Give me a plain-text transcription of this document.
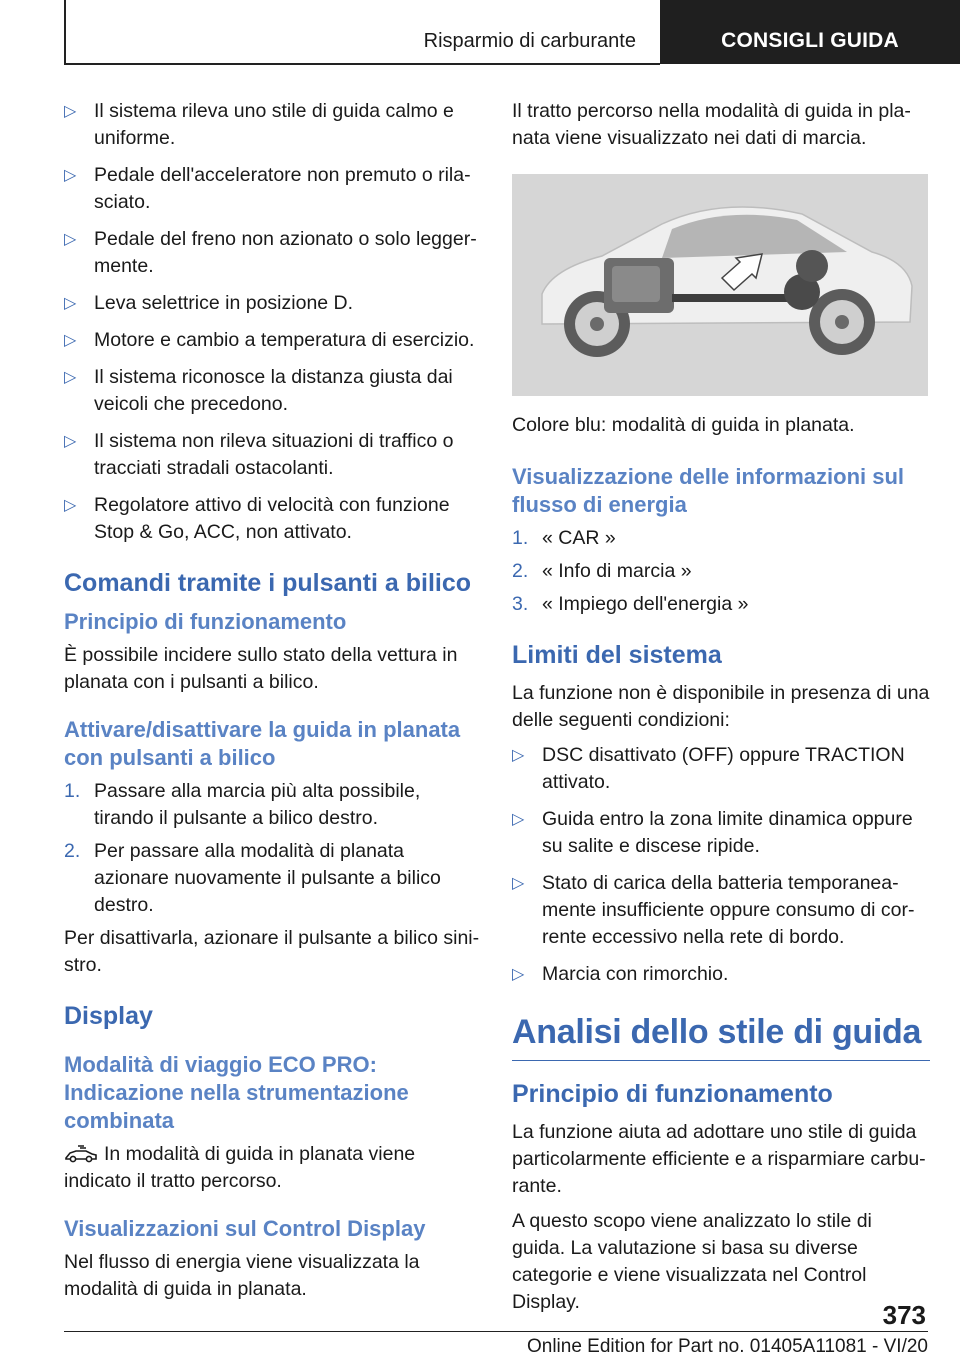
Risparmio di carburante	CONSIGLI GUIDA
▷ Il sistema rileva uno stile di guida calmo e uniforme.
▷ Pedale dell'acceleratore non premuto o rilasciato.
▷ Pedale del freno non azionato o solo leggermente.
▷ Leva selettrice in posizione D.
▷ Motore e cambio a temperatura di esercizio.
▷ Il sistema riconosce la distanza giusta dai veicoli che precedono.
▷ Il sistema non rileva situazioni di traffico o tracciati stradali ostacolanti.
▷ Regolatore attivo di velocità con funzione Stop & Go, ACC, non attivato.
Comandi tramite i pulsanti a bilico
Principio di funzionamento
È possibile incidere sullo stato della vettura in planata con i pulsanti a bilico.
Attivare/disattivare la guida in planata con pulsanti a bilico
1. Passare alla marcia più alta possibile, tirando il pulsante a bilico destro.
2. Per passare alla modalità di planata azionare nuovamente il pulsante a bilico destro.
Per disattivarla, azionare il pulsante a bilico sinistro.
Display
Modalità di viaggio ECO PRO: Indicazione nella strumentazione combinata
In modalità di guida in planata viene indicato il tratto percorso.
Visualizzazioni sul Control Display
Nel flusso di energia viene visualizzata la modalità di guida in planata.
Il tratto percorso nella modalità di guida in planata viene visualizzato nei dati di marcia.
Colore blu: modalità di guida in planata.
Visualizzazione delle informazioni sul flusso di energia
1. « CAR »
2. « Info di marcia »
3. « Impiego dell'energia »
Limiti del sistema
La funzione non è disponibile in presenza di una delle seguenti condizioni:
▷ DSC disattivato (OFF) oppure TRACTION attivato.
▷ Guida entro la zona limite dinamica oppure su salite e discese ripide.
▷ Stato di carica della batteria temporaneamente insufficiente oppure consumo di corrente eccessivo nella rete di bordo.
▷ Marcia con rimorchio.
Analisi dello stile di guida
Principio di funzionamento
La funzione aiuta ad adottare uno stile di guida particolarmente efficiente e a risparmiare carburante.
A questo scopo viene analizzato lo stile di guida. La valutazione si basa su diverse categorie e viene visualizzata nel Control Display.	373
Online Edition for Part no. 01405A11081 - VI/20
